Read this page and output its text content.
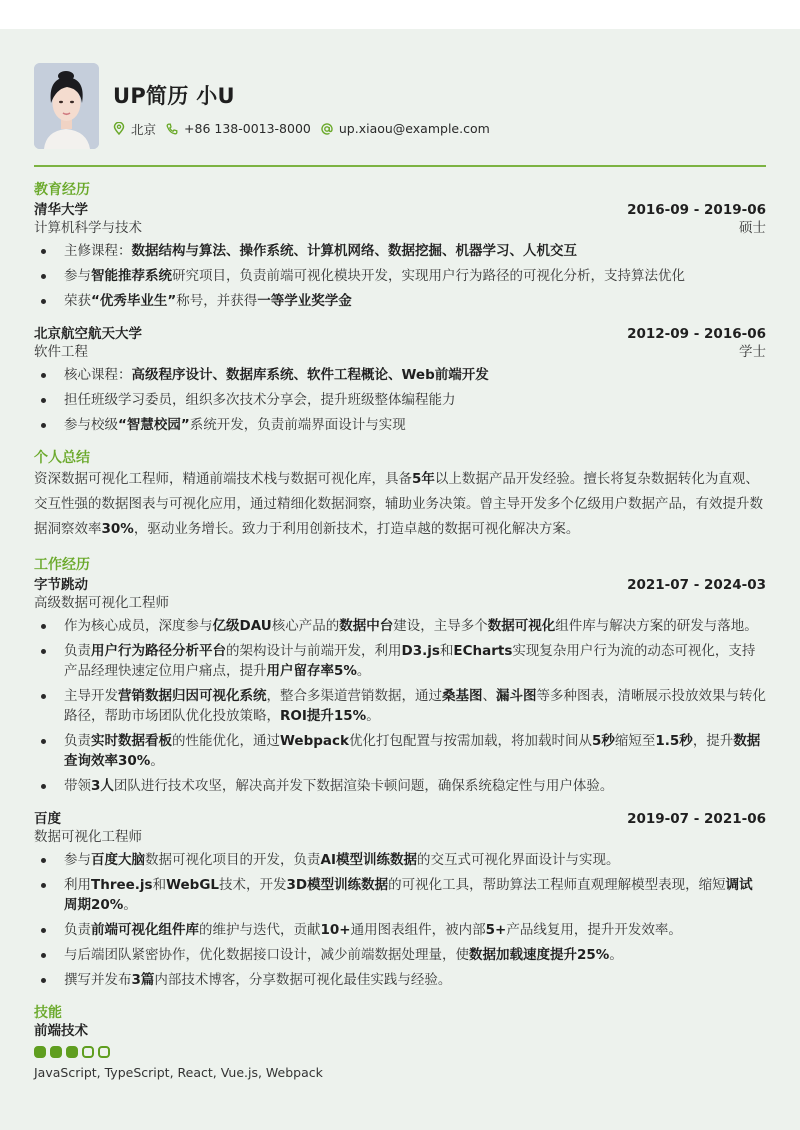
UP简历 小U
北京 +86 138-0013-8000 up.xiaou@example.com
教育经历
清华大学	2016-09 - 2019-06
计算机科学与技术	硕士
主修课程：数据结构与算法、操作系统、计算机网络、数据挖掘、机器学习、人机交互
参与智能推荐系统研究项目，负责前端可视化模块开发，实现用户行为路径的可视化分析，支持算法优化
荣获“优秀毕业生”称号，并获得一等学业奖学金
北京航空航天大学	2012-09 - 2016-06
软件工程	学士
核心课程：高级程序设计、数据库系统、软件工程概论、Web前端开发
担任班级学习委员，组织多次技术分享会，提升班级整体编程能力
参与校级“智慧校园”系统开发，负责前端界面设计与实现
个人总结
资深数据可视化工程师，精通前端技术栈与数据可视化库，具备5年以上数据产品开发经验。擅长将复杂数据转化为直观、交互性强的数据图表与可视化应用，通过精细化数据洞察，辅助业务决策。曾主导开发多个亿级用户数据产品，有效提升数据洞察效率30%，驱动业务增长。致力于利用创新技术，打造卓越的数据可视化解决方案。
工作经历
字节跳动	2021-07 - 2024-03
高级数据可视化工程师
作为核心成员，深度参与亿级DAU核心产品的数据中台建设，主导多个数据可视化组件库与解决方案的研发与落地。
负责用户行为路径分析平台的架构设计与前端开发，利用D3.js和ECharts实现复杂用户行为流的动态可视化，支持产品经理快速定位用户痛点，提升用户留存率5%。
主导开发营销数据归因可视化系统，整合多渠道营销数据，通过桑基图、漏斗图等多种图表，清晰展示投放效果与转化路径，帮助市场团队优化投放策略，ROI提升15%。
负责实时数据看板的性能优化，通过Webpack优化打包配置与按需加载，将加载时间从5秒缩短至1.5秒，提升数据查询效率30%。
带领3人团队进行技术攻坚，解决高并发下数据渲染卡顿问题，确保系统稳定性与用户体验。
百度	2019-07 - 2021-06
数据可视化工程师
参与百度大脑数据可视化项目的开发，负责AI模型训练数据的交互式可视化界面设计与实现。
利用Three.js和WebGL技术，开发3D模型训练数据的可视化工具，帮助算法工程师直观理解模型表现，缩短调试周期20%。
负责前端可视化组件库的维护与迭代，贡献10+通用图表组件，被内部5+产品线复用，提升开发效率。
与后端团队紧密协作，优化数据接口设计，减少前端数据处理量，使数据加载速度提升25%。
撰写并发布3篇内部技术博客，分享数据可视化最佳实践与经验。
技能
前端技术
JavaScript, TypeScript, React, Vue.js, Webpack
